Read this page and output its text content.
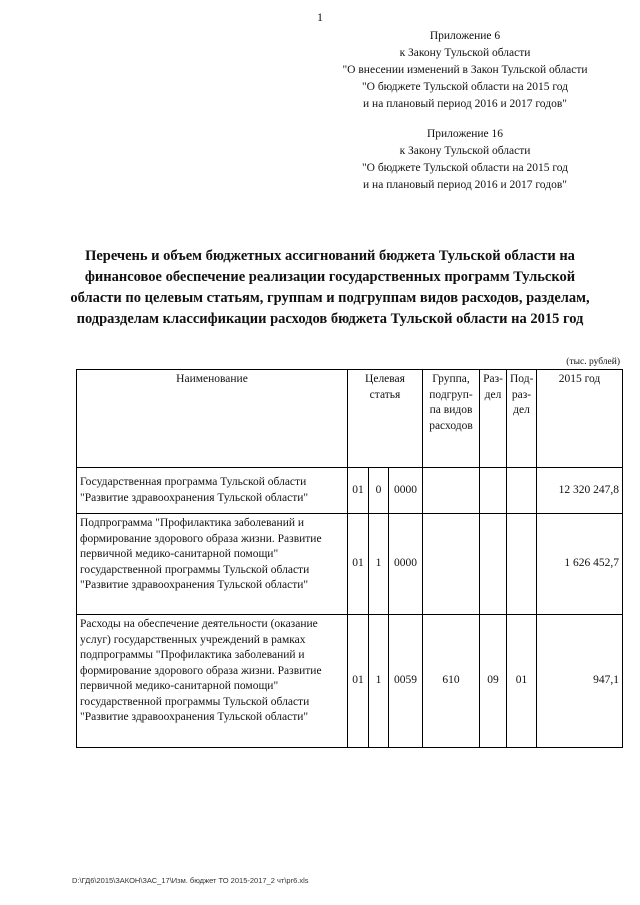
1
Приложение 6
к Закону Тульской области
"О внесении изменений в Закон Тульской области
"О бюджете Тульской области на 2015 год
и на плановый период 2016 и 2017 годов"
Приложение 16
к Закону Тульской области
"О бюджете Тульской области на 2015 год
и на плановый период 2016 и 2017 годов"
Перечень и объем бюджетных ассигнований бюджета Тульской области на финансовое обеспечение реализации государственных программ Тульской области по целевым статьям, группам и подгруппам видов расходов, разделам, подразделам классификации расходов бюджета Тульской области на 2015 год
(тыс. рублей)
Наименование	Целевая статья			Группа, подгруп-па видов расходов	Раз-дел	Под-раз-дел	2015 год
Государственная программа Тульской области "Развитие здравоохранения Тульской области"	01	0	0000				12 320 247,8
Подпрограмма "Профилактика заболеваний и формирование здорового образа жизни. Развитие первичной медико-санитарной помощи" государственной программы Тульской области "Развитие здравоохранения Тульской области"	01	1	0000				1 626 452,7
Расходы на обеспечение деятельности (оказание услуг) государственных учреждений в рамках подпрограммы "Профилактика заболеваний и формирование здорового образа жизни. Развитие первичной медико-санитарной помощи" государственной программы Тульской области "Развитие здравоохранения Тульской области"	01	1	0059	610	09	01	947,1
D:\ГД6\2015\ЗАКОН\ЗАС_17\Изм. бюджет ТО 2015-2017_2 чт\pr6.xls
